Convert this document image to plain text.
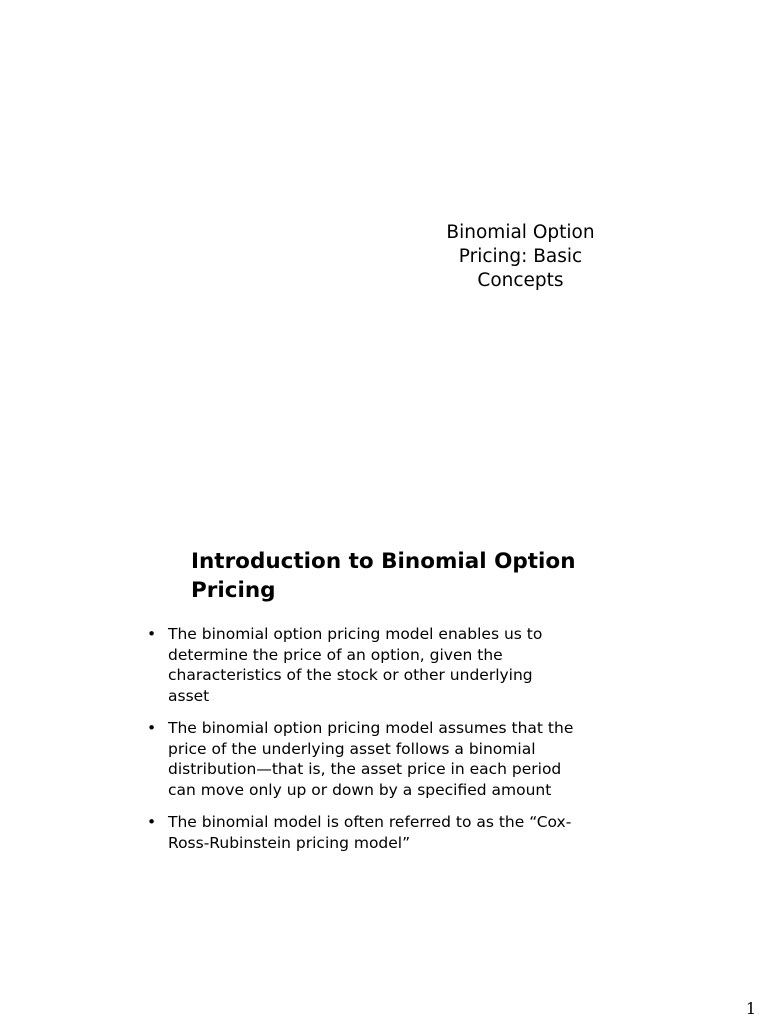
Binomial Option
Pricing: Basic
Concepts
Introduction to Binomial Option
Pricing
• The binomial option pricing model enables us to
determine the price of an option, given the
characteristics of the stock or other underlying
asset
• The binomial option pricing model assumes that the
price of the underlying asset follows a binomial
distribution—that is, the asset price in each period
can move only up or down by a specified amount
• The binomial model is often referred to as the “Cox-
Ross-Rubinstein pricing model”
1
